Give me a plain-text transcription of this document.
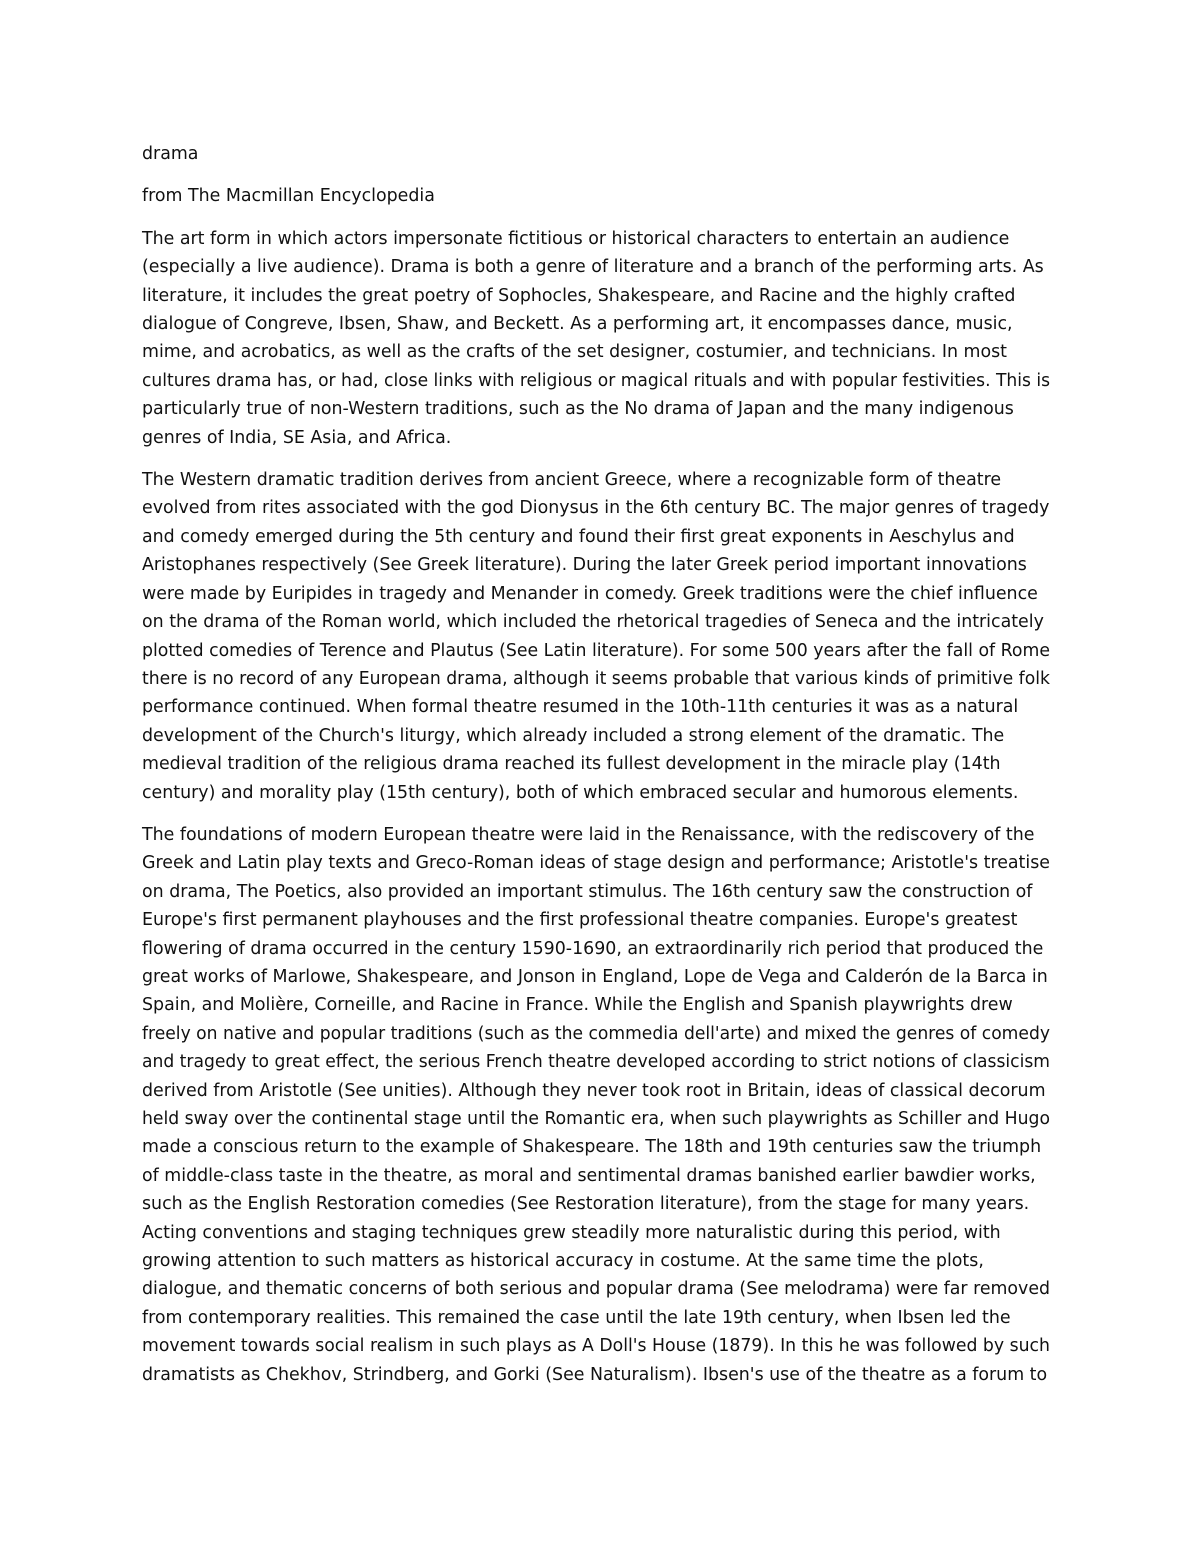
drama

from The Macmillan Encyclopedia

The art form in which actors impersonate fictitious or historical characters to entertain an audience
(especially a live audience). Drama is both a genre of literature and a branch of the performing arts. As
literature, it includes the great poetry of Sophocles, Shakespeare, and Racine and the highly crafted
dialogue of Congreve, Ibsen, Shaw, and Beckett. As a performing art, it encompasses dance, music,
mime, and acrobatics, as well as the crafts of the set designer, costumier, and technicians. In most
cultures drama has, or had, close links with religious or magical rituals and with popular festivities. This is
particularly true of non-Western traditions, such as the No drama of Japan and the many indigenous
genres of India, SE Asia, and Africa.

The Western dramatic tradition derives from ancient Greece, where a recognizable form of theatre
evolved from rites associated with the god Dionysus in the 6th century BC. The major genres of tragedy
and comedy emerged during the 5th century and found their first great exponents in Aeschylus and
Aristophanes respectively (See Greek literature). During the later Greek period important innovations
were made by Euripides in tragedy and Menander in comedy. Greek traditions were the chief influence
on the drama of the Roman world, which included the rhetorical tragedies of Seneca and the intricately
plotted comedies of Terence and Plautus (See Latin literature). For some 500 years after the fall of Rome
there is no record of any European drama, although it seems probable that various kinds of primitive folk
performance continued. When formal theatre resumed in the 10th-11th centuries it was as a natural
development of the Church's liturgy, which already included a strong element of the dramatic. The
medieval tradition of the religious drama reached its fullest development in the miracle play (14th
century) and morality play (15th century), both of which embraced secular and humorous elements.

The foundations of modern European theatre were laid in the Renaissance, with the rediscovery of the
Greek and Latin play texts and Greco-Roman ideas of stage design and performance; Aristotle's treatise
on drama, The Poetics, also provided an important stimulus. The 16th century saw the construction of
Europe's first permanent playhouses and the first professional theatre companies. Europe's greatest
flowering of drama occurred in the century 1590-1690, an extraordinarily rich period that produced the
great works of Marlowe, Shakespeare, and Jonson in England, Lope de Vega and Calderón de la Barca in
Spain, and Molière, Corneille, and Racine in France. While the English and Spanish playwrights drew
freely on native and popular traditions (such as the commedia dell'arte) and mixed the genres of comedy
and tragedy to great effect, the serious French theatre developed according to strict notions of classicism
derived from Aristotle (See unities). Although they never took root in Britain, ideas of classical decorum
held sway over the continental stage until the Romantic era, when such playwrights as Schiller and Hugo
made a conscious return to the example of Shakespeare. The 18th and 19th centuries saw the triumph
of middle-class taste in the theatre, as moral and sentimental dramas banished earlier bawdier works,
such as the English Restoration comedies (See Restoration literature), from the stage for many years.
Acting conventions and staging techniques grew steadily more naturalistic during this period, with
growing attention to such matters as historical accuracy in costume. At the same time the plots,
dialogue, and thematic concerns of both serious and popular drama (See melodrama) were far removed
from contemporary realities. This remained the case until the late 19th century, when Ibsen led the
movement towards social realism in such plays as A Doll's House (1879). In this he was followed by such
dramatists as Chekhov, Strindberg, and Gorki (See Naturalism). Ibsen's use of the theatre as a forum to
